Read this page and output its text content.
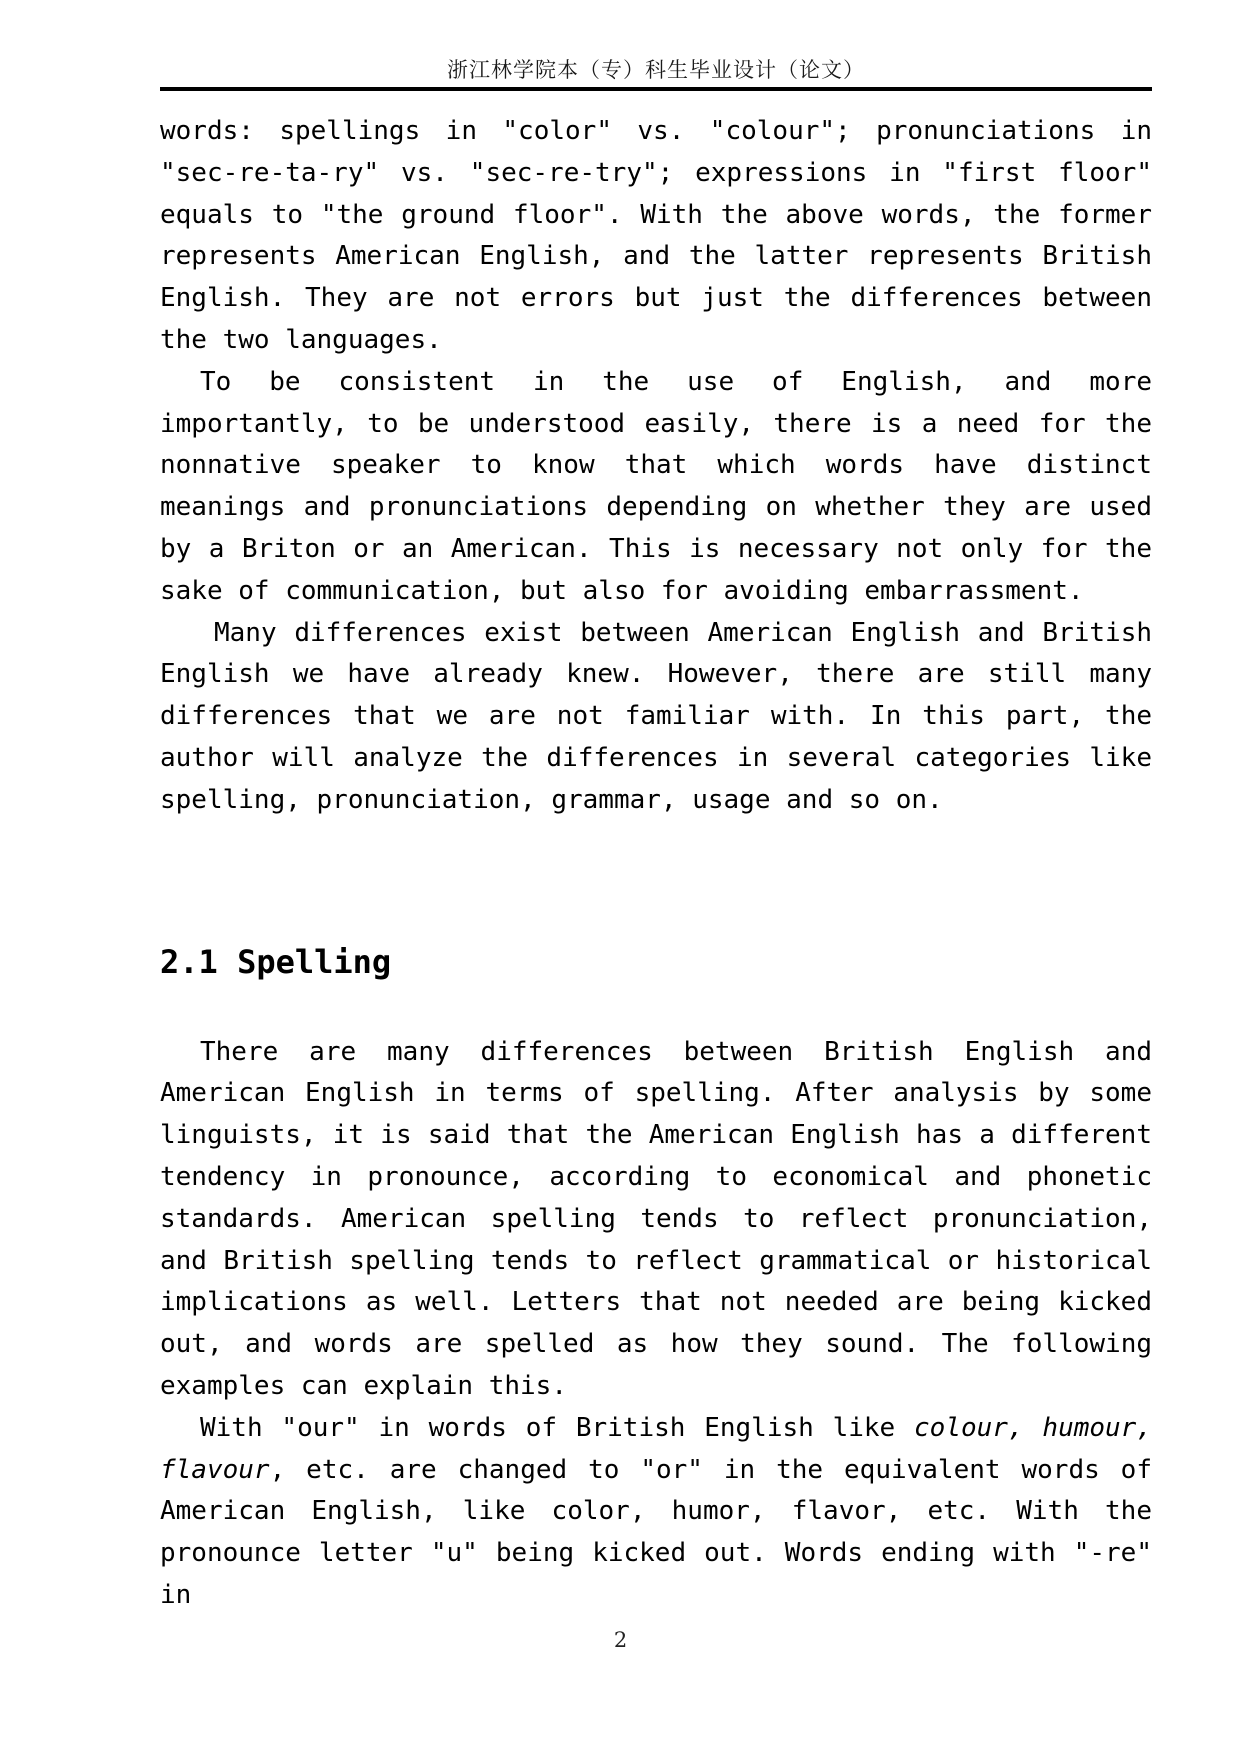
浙江林学院本（专）科生毕业设计（论文）

words: spellings in "color" vs. "colour"; pronunciations in "sec-re-ta-ry" vs. "sec-re-try"; expressions in "first floor" equals to "the ground floor". With the above words, the former represents American English, and the latter represents British English. They are not errors but just the differences between the two languages.

To be consistent in the use of English, and more importantly, to be understood easily, there is a need for the nonnative speaker to know that which words have distinct meanings and pronunciations depending on whether they are used by a Briton or an American. This is necessary not only for the sake of communication, but also for avoiding embarrassment.

Many differences exist between American English and British English we have already knew. However, there are still many differences that we are not familiar with. In this part, the author will analyze the differences in several categories like spelling, pronunciation, grammar, usage and so on.

2.1 Spelling

There are many differences between British English and American English in terms of spelling. After analysis by some linguists, it is said that the American English has a different tendency in pronounce, according to economical and phonetic standards. American spelling tends to reflect pronunciation, and British spelling tends to reflect grammatical or historical implications as well. Letters that not needed are being kicked out, and words are spelled as how they sound. The following examples can explain this.

With "our" in words of British English like colour, humour, flavour, etc. are changed to "or" in the equivalent words of American English, like color, humor, flavor, etc. With the pronounce letter "u" being kicked out. Words ending with "-re" in

2
